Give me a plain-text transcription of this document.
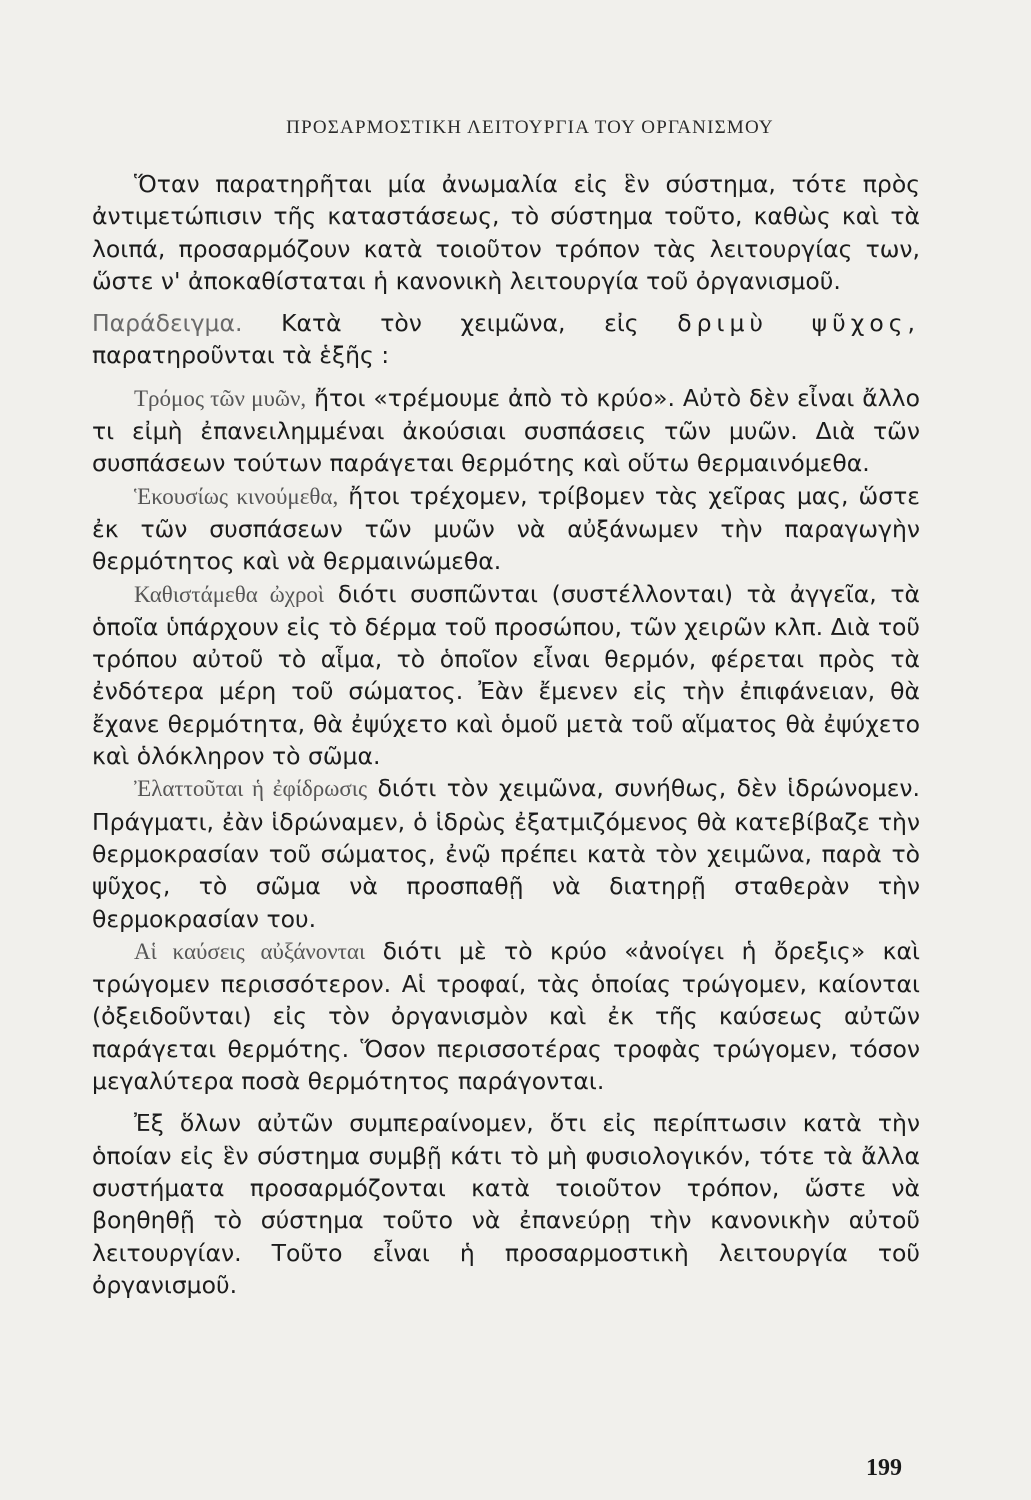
ΠΡΟΣΑΡΜΟΣΤΙΚΗ ΛΕΙΤΟΥΡΓΙΑ ΤΟΥ ΟΡΓΑΝΙΣΜΟΥ

Ὅταν παρατηρῆται μία ἀνωμαλία εἰς ἓν σύστημα, τότε πρὸς ἀντιμετώπισιν τῆς καταστάσεως, τὸ σύστημα τοῦτο, καθὼς καὶ τὰ λοιπά, προσαρμόζουν κατὰ τοιοῦτον τρόπον τὰς λειτουργίας των, ὥστε ν' ἀποκαθίσταται ἡ κανονικὴ λειτουργία τοῦ ὀργανισμοῦ.

Παράδειγμα. Κατὰ τὸν χειμῶνα, εἰς δριμὺ ψῦχος, παρατηροῦνται τὰ ἑξῆς :

Τρόμος τῶν μυῶν, ἤτοι «τρέμουμε ἀπὸ τὸ κρύο». Αὐτὸ δὲν εἶναι ἄλλο τι εἰμὴ ἐπανειλημμέναι ἀκούσιαι συσπάσεις τῶν μυῶν. Διὰ τῶν συσπάσεων τούτων παράγεται θερμότης καὶ οὕτω θερμαινόμεθα.

Ἑκουσίως κινούμεθα, ἤτοι τρέχομεν, τρίβομεν τὰς χεῖρας μας, ὥστε ἐκ τῶν συσπάσεων τῶν μυῶν νὰ αὐξάνωμεν τὴν παραγωγὴν θερμότητος καὶ νὰ θερμαινώμεθα.

Καθιστάμεθα ὠχροὶ διότι συσπῶνται (συστέλλονται) τὰ ἀγγεῖα, τὰ ὁποῖα ὑπάρχουν εἰς τὸ δέρμα τοῦ προσώπου, τῶν χειρῶν κλπ. Διὰ τοῦ τρόπου αὐτοῦ τὸ αἷμα, τὸ ὁποῖον εἶναι θερμόν, φέρεται πρὸς τὰ ἐνδότερα μέρη τοῦ σώματος. Ἐὰν ἔμενεν εἰς τὴν ἐπιφάνειαν, θὰ ἔχανε θερμότητα, θὰ ἐψύχετο καὶ ὁμοῦ μετὰ τοῦ αἵματος θὰ ἐψύχετο καὶ ὁλόκληρον τὸ σῶμα.

Ἐλαττοῦται ἡ ἐφίδρωσις διότι τὸν χειμῶνα, συνήθως, δὲν ἱδρώνομεν. Πράγματι, ἐὰν ἱδρώναμεν, ὁ ἱδρὼς ἐξατμιζόμενος θὰ κατεβίβαζε τὴν θερμοκρασίαν τοῦ σώματος, ἐνῷ πρέπει κατὰ τὸν χειμῶνα, παρὰ τὸ ψῦχος, τὸ σῶμα νὰ προσπαθῇ νὰ διατηρῇ σταθερὰν τὴν θερμοκρασίαν του.

Αἱ καύσεις αὐξάνονται διότι μὲ τὸ κρύο «ἀνοίγει ἡ ὄρεξις» καὶ τρώγομεν περισσότερον. Αἱ τροφαί, τὰς ὁποίας τρώγομεν, καίονται (ὀξειδοῦνται) εἰς τὸν ὀργανισμὸν καὶ ἐκ τῆς καύσεως αὐτῶν παράγεται θερμότης. Ὅσον περισσοτέρας τροφὰς τρώγομεν, τόσον μεγαλύτερα ποσὰ θερμότητος παράγονται.

Ἐξ ὅλων αὐτῶν συμπεραίνομεν, ὅτι εἰς περίπτωσιν κατὰ τὴν ὁποίαν εἰς ἓν σύστημα συμβῇ κάτι τὸ μὴ φυσιολογικόν, τότε τὰ ἄλλα συστήματα προσαρμόζονται κατὰ τοιοῦτον τρόπον, ὥστε νὰ βοηθηθῇ τὸ σύστημα τοῦτο νὰ ἐπανεύρῃ τὴν κανονικὴν αὐτοῦ λειτουργίαν. Τοῦτο εἶναι ἡ προσαρμοστικὴ λειτουργία τοῦ ὀργανισμοῦ.

199
